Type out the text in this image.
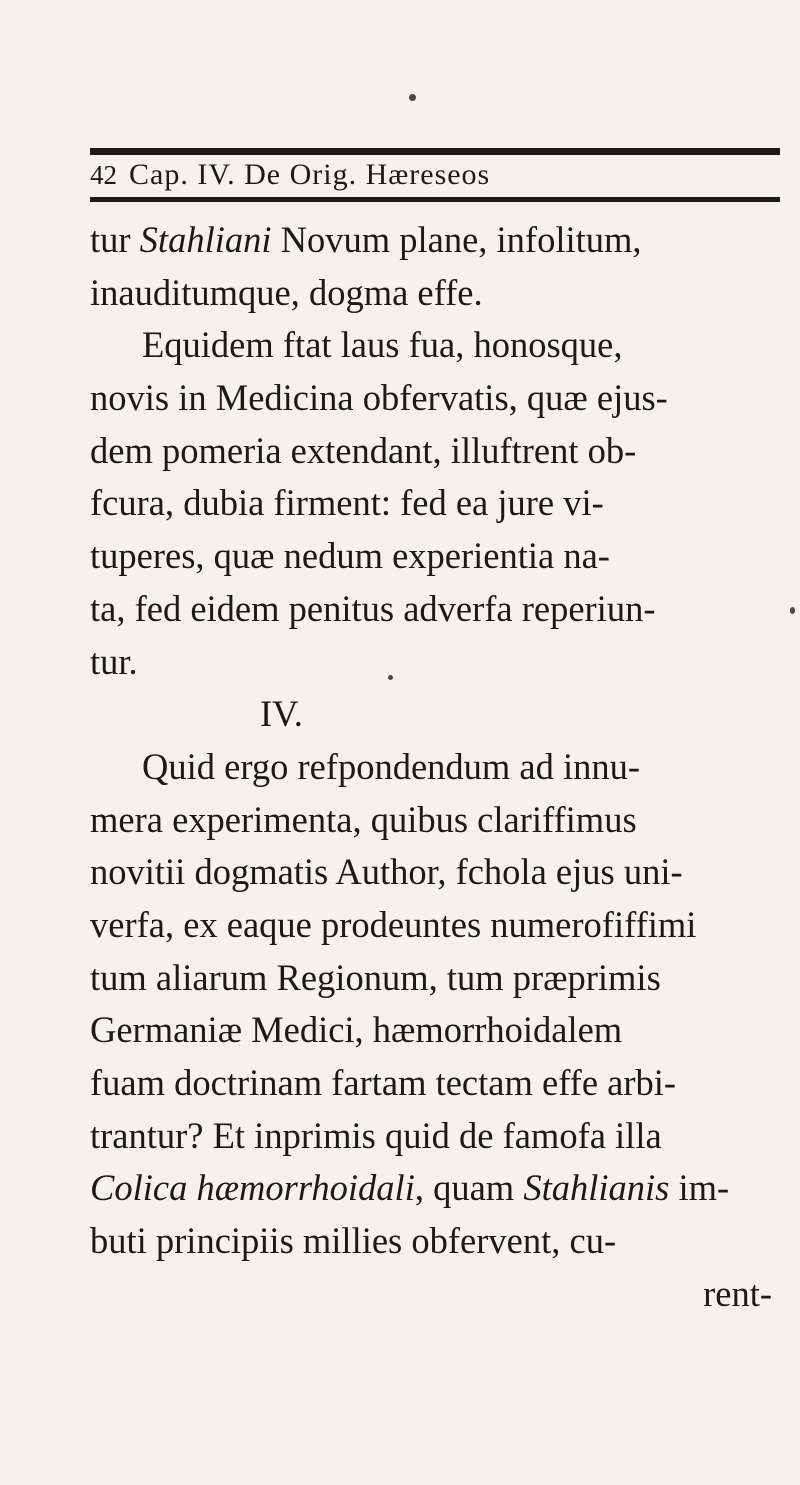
42 Cap. IV. De Orig. Hæreseos
tur Stahliani Novum plane, infolitum,
inauditumque, dogma effe.
Equidem ftat laus fua, honosque,
novis in Medicina obfervatis, quæ ejus-
dem pomeria extendant, illuftrent ob-
fcura, dubia firment: fed ea jure vi-
tuperes, quæ nedum experientia na-
ta, fed eidem penitus adverfa reperiun-
tur.
IV.
Quid ergo refpondendum ad innu-
mera experimenta, quibus clariffimus
novitii dogmatis Author, fchola ejus uni-
verfa, ex eaque prodeuntes numerofiffimi
tum aliarum Regionum, tum præprimis
Germaniæ Medici, hæmorrhoidalem
fuam doctrinam fartam tectam effe arbi-
trantur? Et inprimis quid de famofa illa
Colica hæmorrhoidali, quam Stahlianis im-
buti principiis millies obfervent, cu-
rent-
